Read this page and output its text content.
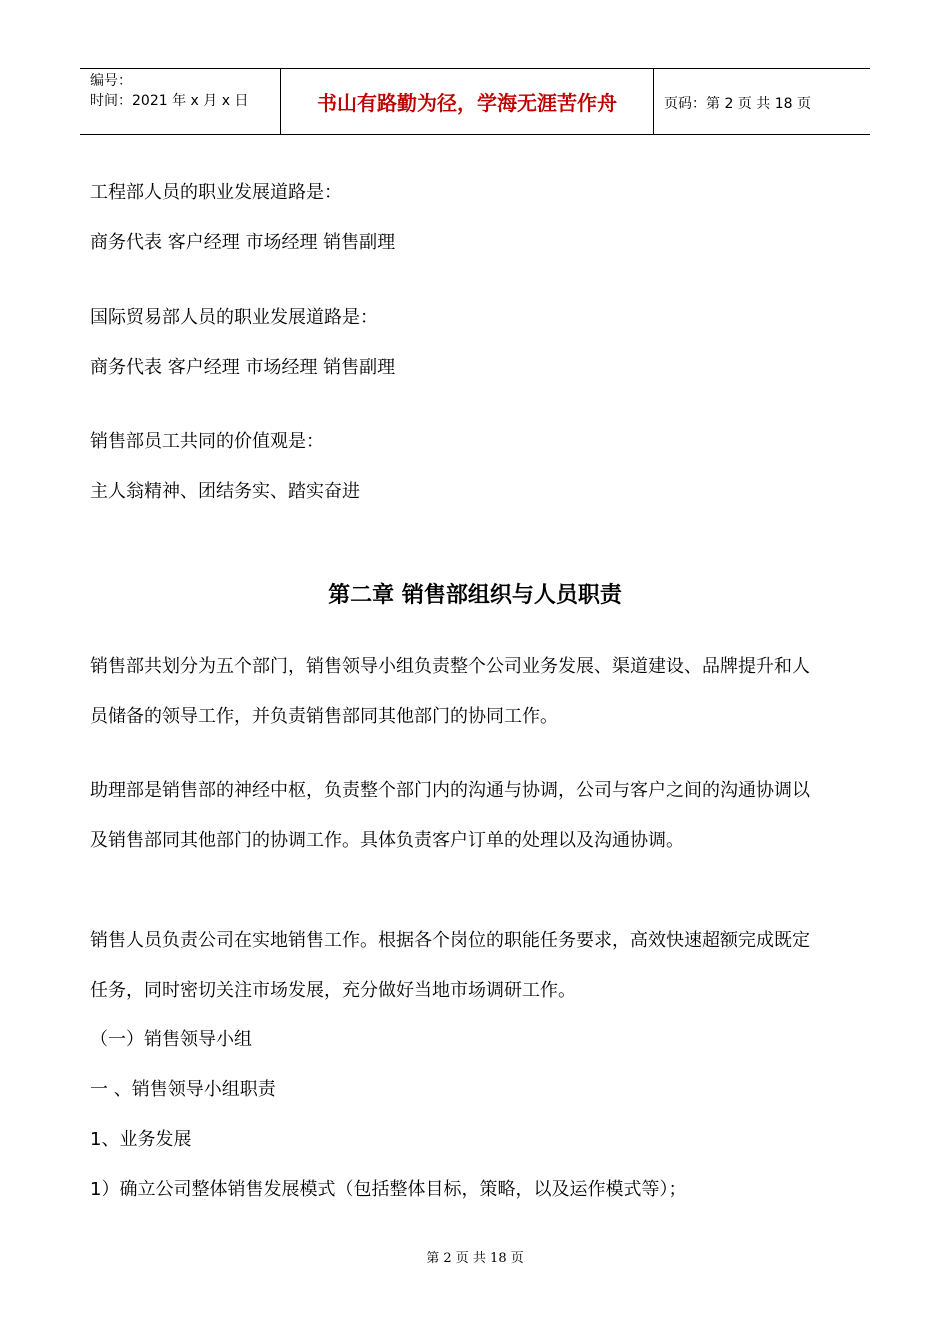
编号：
时间：2021 年 x 月 x 日	书山有路勤为径，学海无涯苦作舟	页码：第 2 页 共 18 页
工程部人员的职业发展道路是：
商务代表 客户经理 市场经理 销售副理
国际贸易部人员的职业发展道路是：
商务代表 客户经理 市场经理 销售副理
销售部员工共同的价值观是：
主人翁精神、团结务实、踏实奋进
第二章 销售部组织与人员职责
销售部共划分为五个部门，销售领导小组负责整个公司业务发展、渠道建设、品牌提升和人
员储备的领导工作，并负责销售部同其他部门的协同工作。
助理部是销售部的神经中枢，负责整个部门内的沟通与协调，公司与客户之间的沟通协调以
及销售部同其他部门的协调工作。具体负责客户订单的处理以及沟通协调。
销售人员负责公司在实地销售工作。根据各个岗位的职能任务要求，高效快速超额完成既定
任务，同时密切关注市场发展，充分做好当地市场调研工作。
（一）销售领导小组
一 、销售领导小组职责
1、业务发展
1）确立公司整体销售发展模式（包括整体目标，策略，以及运作模式等）；
第 2 页 共 18 页
